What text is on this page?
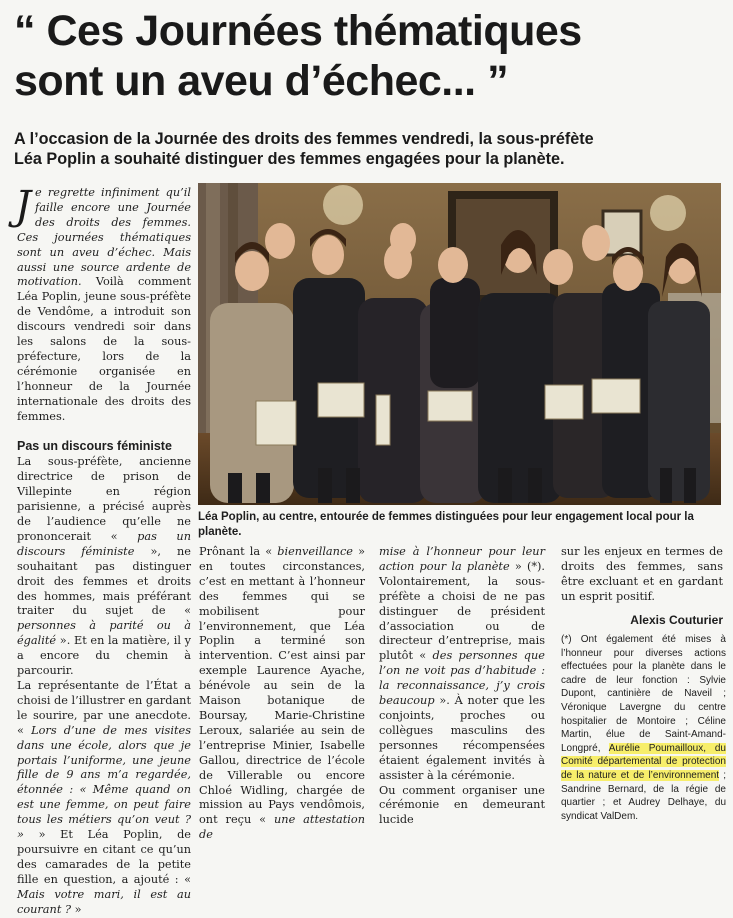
“ Ces Journées thématiques
sont un aveu d’échec... ”
A l’occasion de la Journée des droits des femmes vendredi, la sous-préfète
Léa Poplin a souhaité distinguer des femmes engagées pour la planète.

Je regrette infiniment qu’il faille encore une Journée des droits des femmes. Ces journées thématiques sont un aveu d’échec. Mais aussi une source ardente de motivation. Voilà comment Léa Poplin, jeune sous-préfète de Vendôme, a introduit son discours vendredi soir dans les salons de la sous-préfecture, lors de la cérémonie organisée en l’honneur de la Journée internationale des droits des femmes.

Pas un discours féministe

La sous-préfète, ancienne directrice de prison de Villepinte en région parisienne, a précisé auprès de l’audience qu’elle ne prononcerait « pas un discours féministe », ne souhaitant pas distinguer droit des femmes et droits des hommes, mais préférant traiter du sujet de « personnes à parité ou à égalité ». Et en la matière, il y a encore du chemin à parcourir.

La représentante de l’État a choisi de l’illustrer en gardant le sourire, par une anecdote. « Lors d’une de mes visites dans une école, alors que je portais l’uniforme, une jeune fille de 9 ans m’a regardée, étonnée : « Même quand on est une femme, on peut faire tous les métiers qu’on veut ? » » Et Léa Poplin, de poursuivre en citant ce qu’un des camarades de la petite fille en question, a ajouté : « Mais votre mari, il est au courant ? »

Léa Poplin, au centre, entourée de femmes distinguées pour leur engagement local pour la planète.

Prônant la « bienveillance » en toutes circonstances, c’est en mettant à l’honneur des femmes qui se mobilisent pour l’environnement, que Léa Poplin a terminé son intervention. C’est ainsi par exemple Laurence Ayache, bénévole au sein de la Maison botanique de Boursay, Marie-Christine Leroux, salariée au sein de l’entreprise Minier, Isabelle Gallou, directrice de l’école de Villerable ou encore Chloé Widling, chargée de mission au Pays vendômois, ont reçu « une attestation de

mise à l’honneur pour leur action pour la planète » (*). Volontairement, la sous-préfète a choisi de ne pas distinguer de président d’association ou de directeur d’entreprise, mais plutôt « des personnes que l’on ne voit pas d’habitude : la reconnaissance, j’y crois beaucoup ». À noter que les conjoints, proches ou collègues masculins des personnes récompensées étaient également invités à assister à la cérémonie.

Ou comment organiser une cérémonie en demeurant lucide

sur les enjeux en termes de droits des femmes, sans être excluant et en gardant un esprit positif.

Alexis Couturier
(*) Ont également été mises à l’honneur pour diverses actions effectuées pour la planète dans le cadre de leur fonction : Sylvie Dupont, cantinière de Naveil ; Véronique Lavergne du centre hospitalier de Montoire ; Céline Martin, élue de Saint-Amand-Longpré, Aurélie Poumailloux, du Comité départemental de protection de la nature et de l’environnement ; Sandrine Bernard, de la régie de quartier ; et Audrey Delhaye, du syndicat ValDem.
